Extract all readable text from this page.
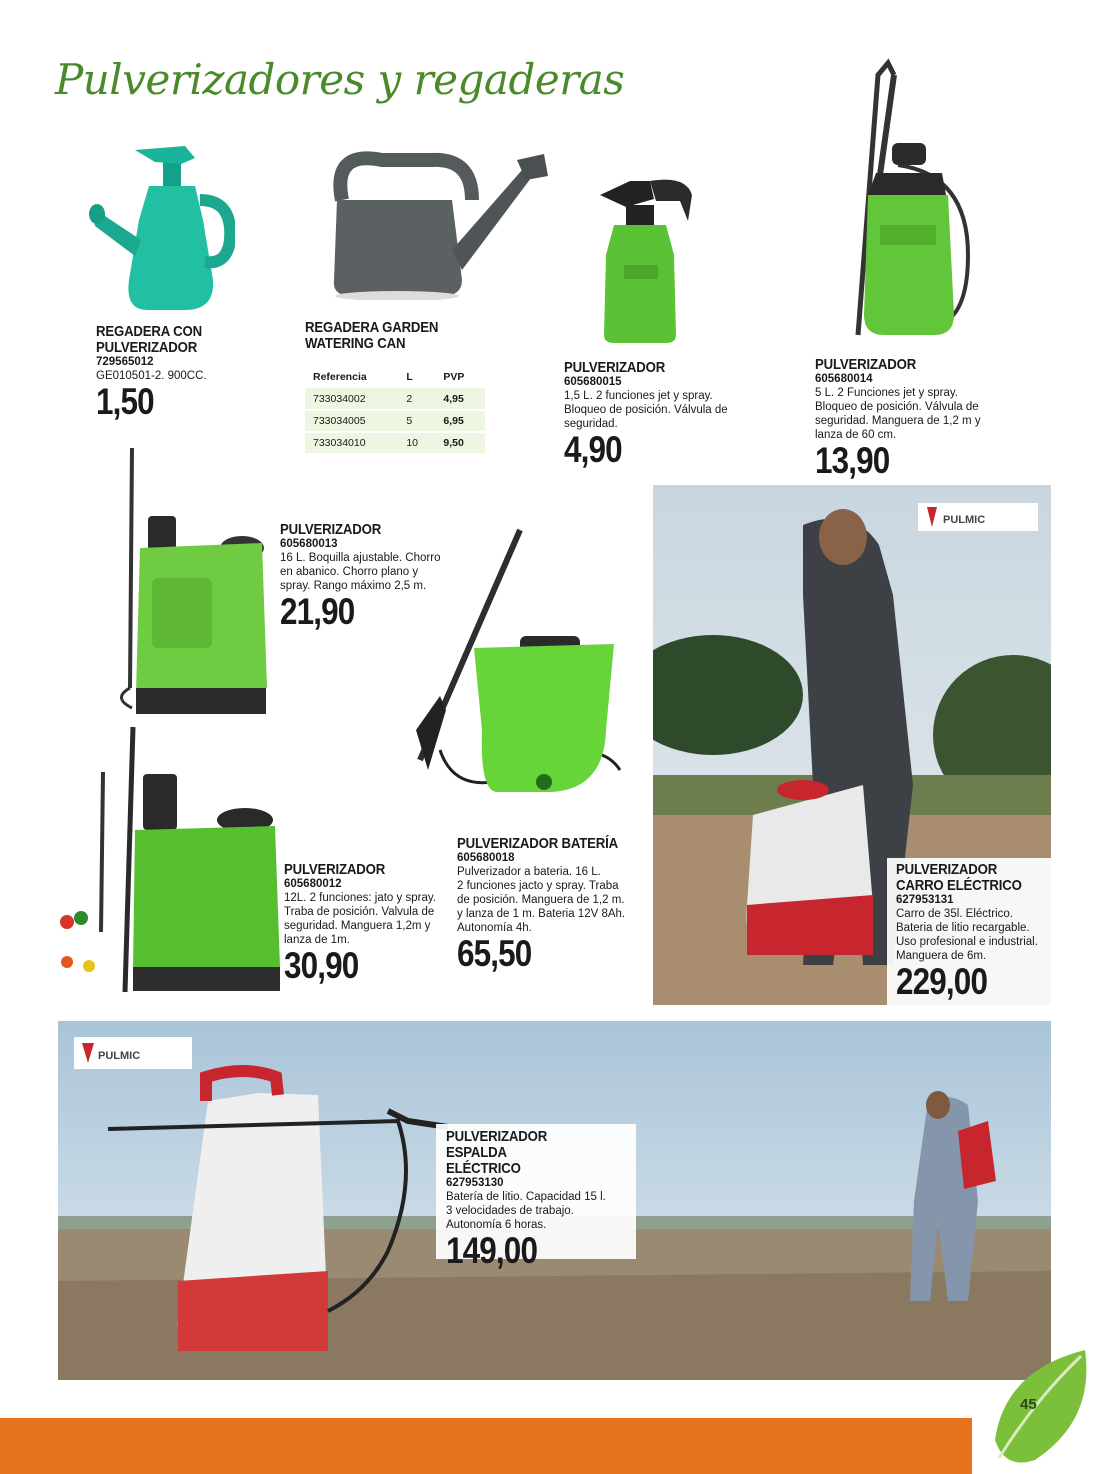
Pulverizadores y regaderas
PULMIC
PULMIC
REGADERA CON
PULVERIZADOR
729565012
GE010501-2. 900CC.
1,50
REGADERA GARDEN
WATERING CAN
Referencia	L	PVP
733034002	2	4,95
733034005	5	6,95
733034010	10	9,50
PULVERIZADOR
605680015
1,5 L. 2 funciones jet y spray.
Bloqueo de posición. Válvula de
seguridad.
4,90
PULVERIZADOR
605680014
5 L. 2 Funciones jet y spray.
Bloqueo de posición. Válvula de
seguridad. Manguera de 1,2 m y
lanza de 60 cm.
13,90
PULVERIZADOR
605680013
16 L. Boquilla ajustable. Chorro
en abanico. Chorro plano y
spray. Rango máximo 2,5 m.
21,90
PULVERIZADOR
605680012
12L. 2 funciones: jato y spray.
Traba de posición. Valvula de
seguridad. Manguera 1,2m y
lanza de 1m.
30,90
PULVERIZADOR BATERÍA
605680018
Pulverizador a bateria. 16 L.
2 funciones jacto y spray. Traba
de posición. Manguera de 1,2 m.
y lanza de 1 m. Bateria 12V 8Ah.
Autonomía 4h.
65,50
PULVERIZADOR
CARRO ELÉCTRICO
627953131
Carro de 35l. Eléctrico.
Bateria de litio recargable.
Uso profesional e industrial.
Manguera de 6m.
229,00
PULVERIZADOR ESPALDA
ELÉCTRICO
627953130
Batería de litio. Capacidad 15 l.
3 velocidades de trabajo.
Autonomía 6 horas.
149,00
45
